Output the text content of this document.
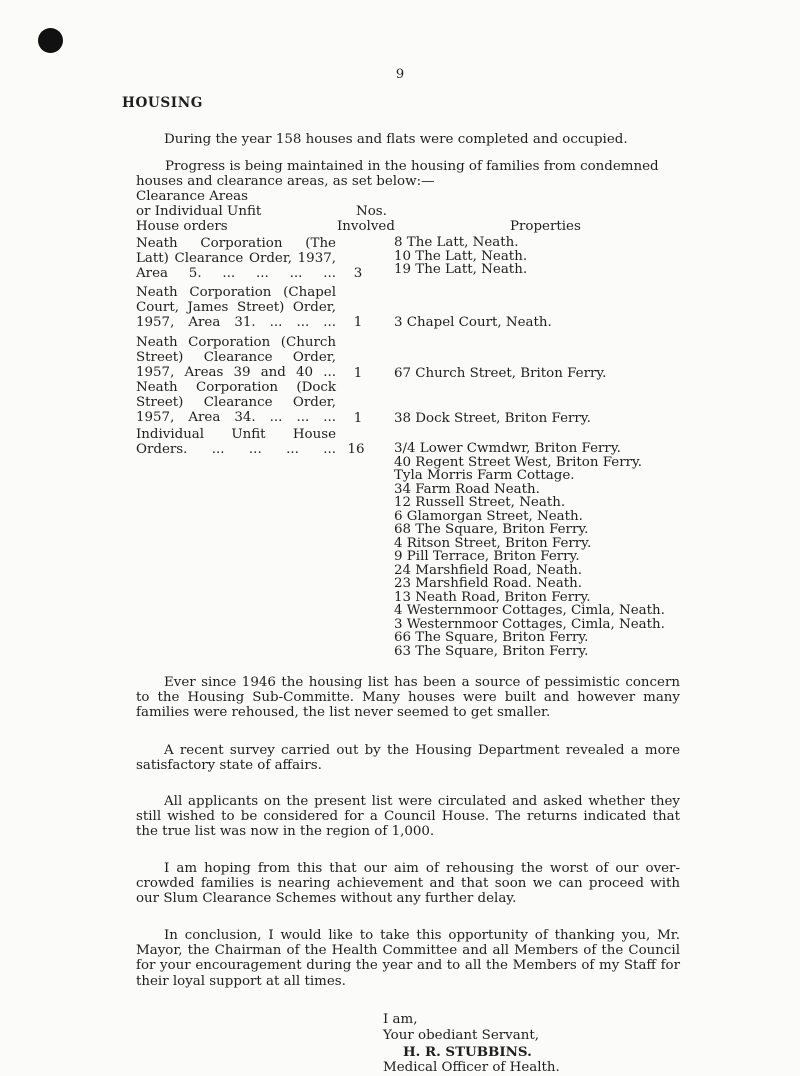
9
HOUSING

During the year 158 houses and flats were completed and occupied.

Progress is being maintained in the housing of families from condemned
houses and clearance areas, as set below:—
Clearance Areas
or Individual Unfit
House orders
Nos.
Involved	Properties
Neath Corporation (The
Latt) Clearance Order, 1937,
Area 5. ... ... ... ...	3
8 The Latt, Neath.
10 The Latt, Neath.
19 The Latt, Neath.
Neath Corporation (Chapel
Court, James Street) Order,
1957, Area 31. ... ... ...	1	3 Chapel Court, Neath.
Neath Corporation (Church
Street) Clearance Order,
1957, Areas 39 and 40 ...	1	67 Church Street, Briton Ferry.
Neath Corporation (Dock
Street) Clearance Order,
1957, Area 34. ... ... ...	1	38 Dock Street, Briton Ferry.
Individual Unfit House
Orders. ... ... ... ... 16 3/4 Lower Cwmdwr, Briton Ferry.
40 Regent Street West, Briton Ferry.
Tyla Morris Farm Cottage.
34 Farm Road Neath.
12 Russell Street, Neath.
6 Glamorgan Street, Neath.
68 The Square, Briton Ferry.
4 Ritson Street, Briton Ferry.
9 Pill Terrace, Briton Ferry.
24 Marshfield Road, Neath.
23 Marshfield Road. Neath.
13 Neath Road, Briton Ferry.
4 Westernmoor Cottages, Cimla, Neath.
3 Westernmoor Cottages, Cimla, Neath.
66 The Square, Briton Ferry.
63 The Square, Briton Ferry.

Ever since 1946 the housing list has been a source of pessimistic concern to the Housing Sub-Committe. Many houses were built and however many families were rehoused, the list never seemed to get smaller.

A recent survey carried out by the Housing Department revealed a more satisfactory state of affairs.

All applicants on the present list were circulated and asked whether they still wished to be considered for a Council House. The returns indicated that the true list was now in the region of 1,000.

I am hoping from this that our aim of rehousing the worst of our over-crowded families is nearing achievement and that soon we can proceed with our Slum Clearance Schemes without any further delay.

In conclusion, I would like to take this opportunity of thanking you, Mr. Mayor, the Chairman of the Health Committee and all Members of the Council for your encouragement during the year and to all the Members of my Staff for their loyal support at all times.

I am,
Your obediant Servant,
H. R. STUBBINS.
Medical Officer of Health.
